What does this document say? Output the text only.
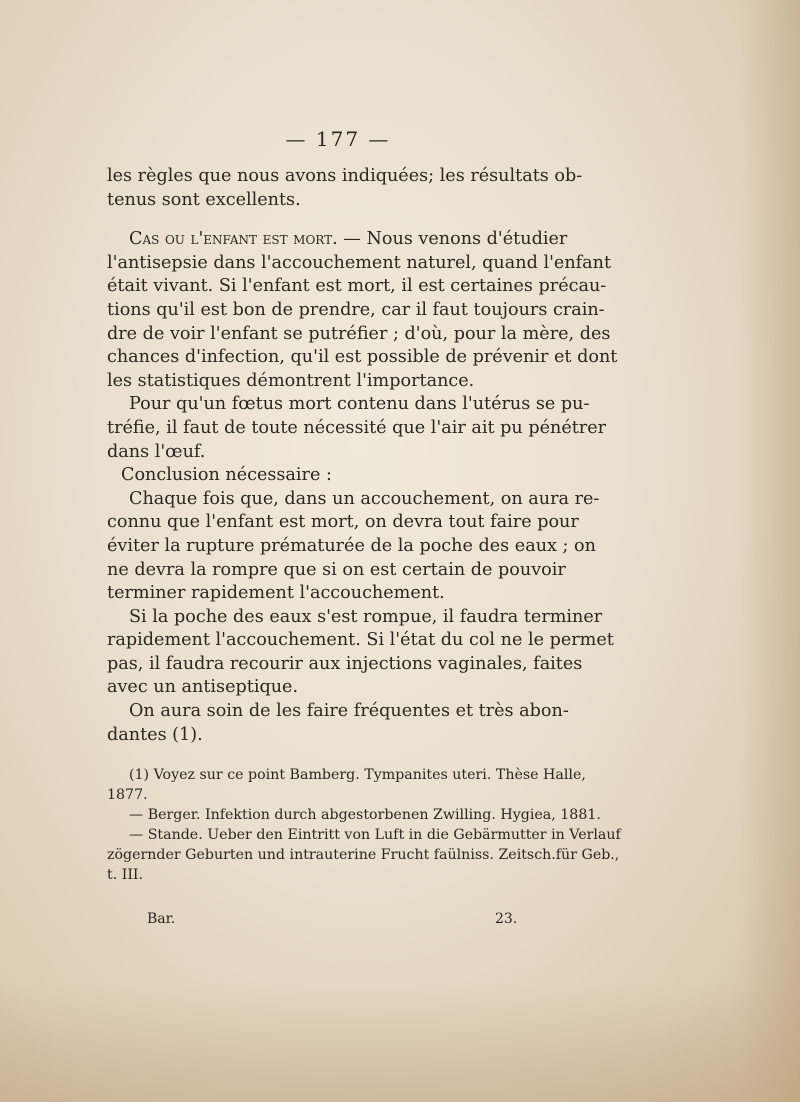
— 177 —

les règles que nous avons indiquées; les résultats ob-
tenus sont excellents.

Cas ou l'enfant est mort. — Nous venons d'étudier
l'antisepsie dans l'accouchement naturel, quand l'enfant
était vivant. Si l'enfant est mort, il est certaines précau-
tions qu'il est bon de prendre, car il faut toujours crain-
dre de voir l'enfant se putréfier ; d'où, pour la mère, des
chances d'infection, qu'il est possible de prévenir et dont
les statistiques démontrent l'importance.

Pour qu'un fœtus mort contenu dans l'utérus se pu-
tréfie, il faut de toute nécessité que l'air ait pu pénétrer
dans l'œuf.

Conclusion nécessaire :

Chaque fois que, dans un accouchement, on aura re-
connu que l'enfant est mort, on devra tout faire pour
éviter la rupture prématurée de la poche des eaux ; on
ne devra la rompre que si on est certain de pouvoir
terminer rapidement l'accouchement.

Si la poche des eaux s'est rompue, il faudra terminer
rapidement l'accouchement. Si l'état du col ne le permet
pas, il faudra recourir aux injections vaginales, faites
avec un antiseptique.

On aura soin de les faire fréquentes et très abon-
dantes (1).

(1) Voyez sur ce point Bamberg. Tympanites uteri. Thèse Halle,
1877.
— Berger. Infektion durch abgestorbenen Zwilling. Hygiea, 1881.
— Stande. Ueber den Eintritt von Luft in die Gebärmutter in Verlauf
zögernder Geburten und intrauterine Frucht faülniss. Zeitsch.für Geb.,
t. III.
Bar.	23.
